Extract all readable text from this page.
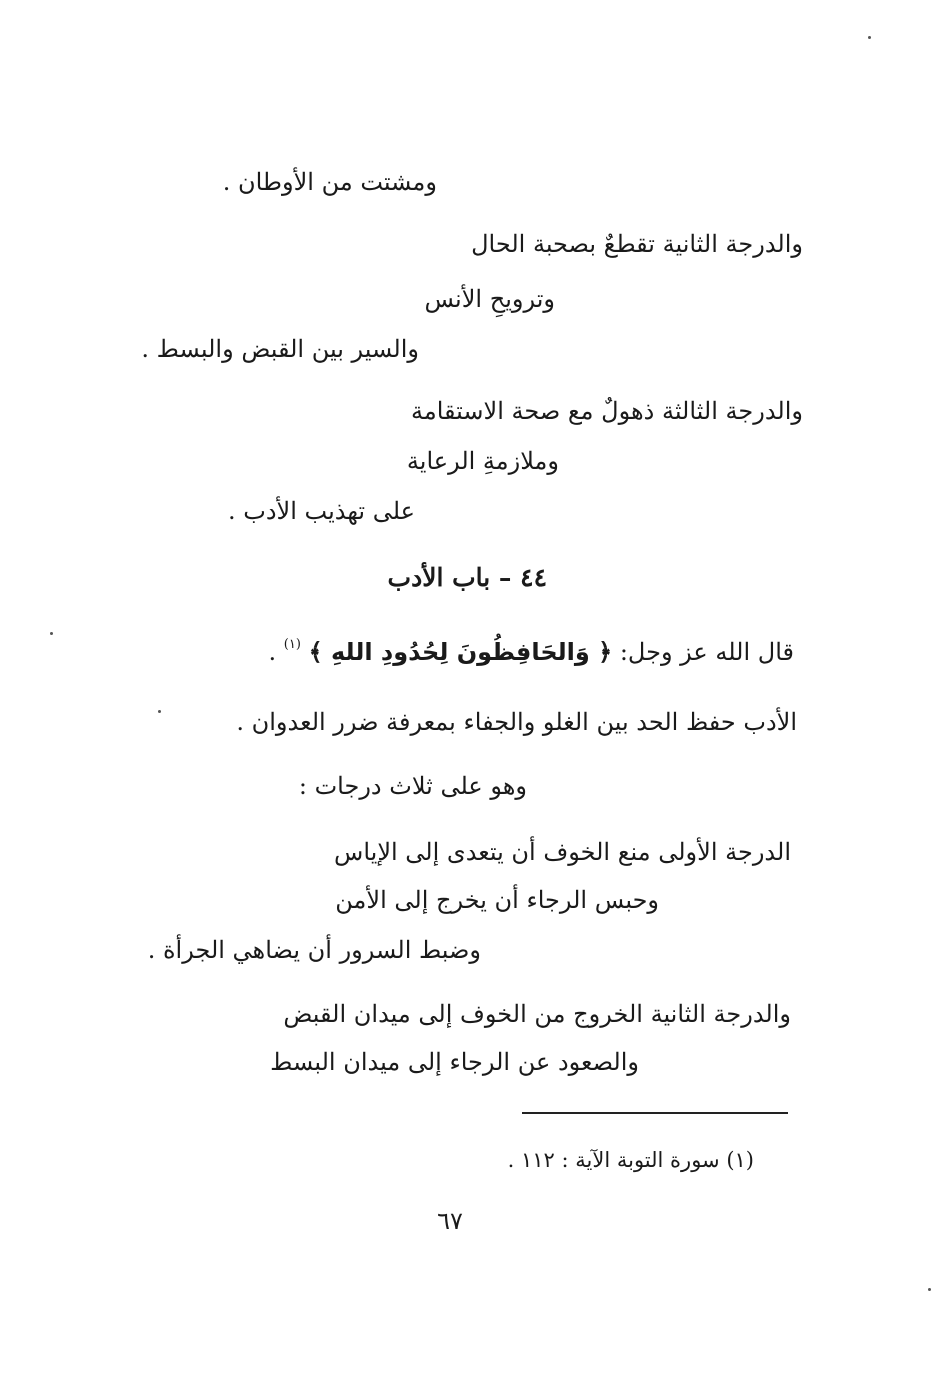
ومشتت من الأوطان .
والدرجة الثانية تقطعٌ بصحبة الحال
وترويحِ الأنس
والسير بين القبض والبسط .
والدرجة الثالثة ذهولٌ مع صحة الاستقامة
وملازمةِ الرعاية
على تهذيب الأدب .
٤٤ – باب الأدب
قال الله عز وجل: ﴿ وَالحَافِظُونَ لِحُدُودِ اللهِ ﴾ $^{(١)}$ .
الأدب حفظ الحد بين الغلو والجفاء بمعرفة ضرر العدوان .
وهو على ثلاث درجات :
الدرجة الأولى منع الخوف أن يتعدى إلى الإياس
وحبس الرجاء أن يخرج إلى الأمن
وضبط السرور أن يضاهي الجرأة .
والدرجة الثانية الخروج من الخوف إلى ميدان القبض
والصعود عن الرجاء إلى ميدان البسط
(١) سورة التوبة الآية : ١١٢ .
٦٧
